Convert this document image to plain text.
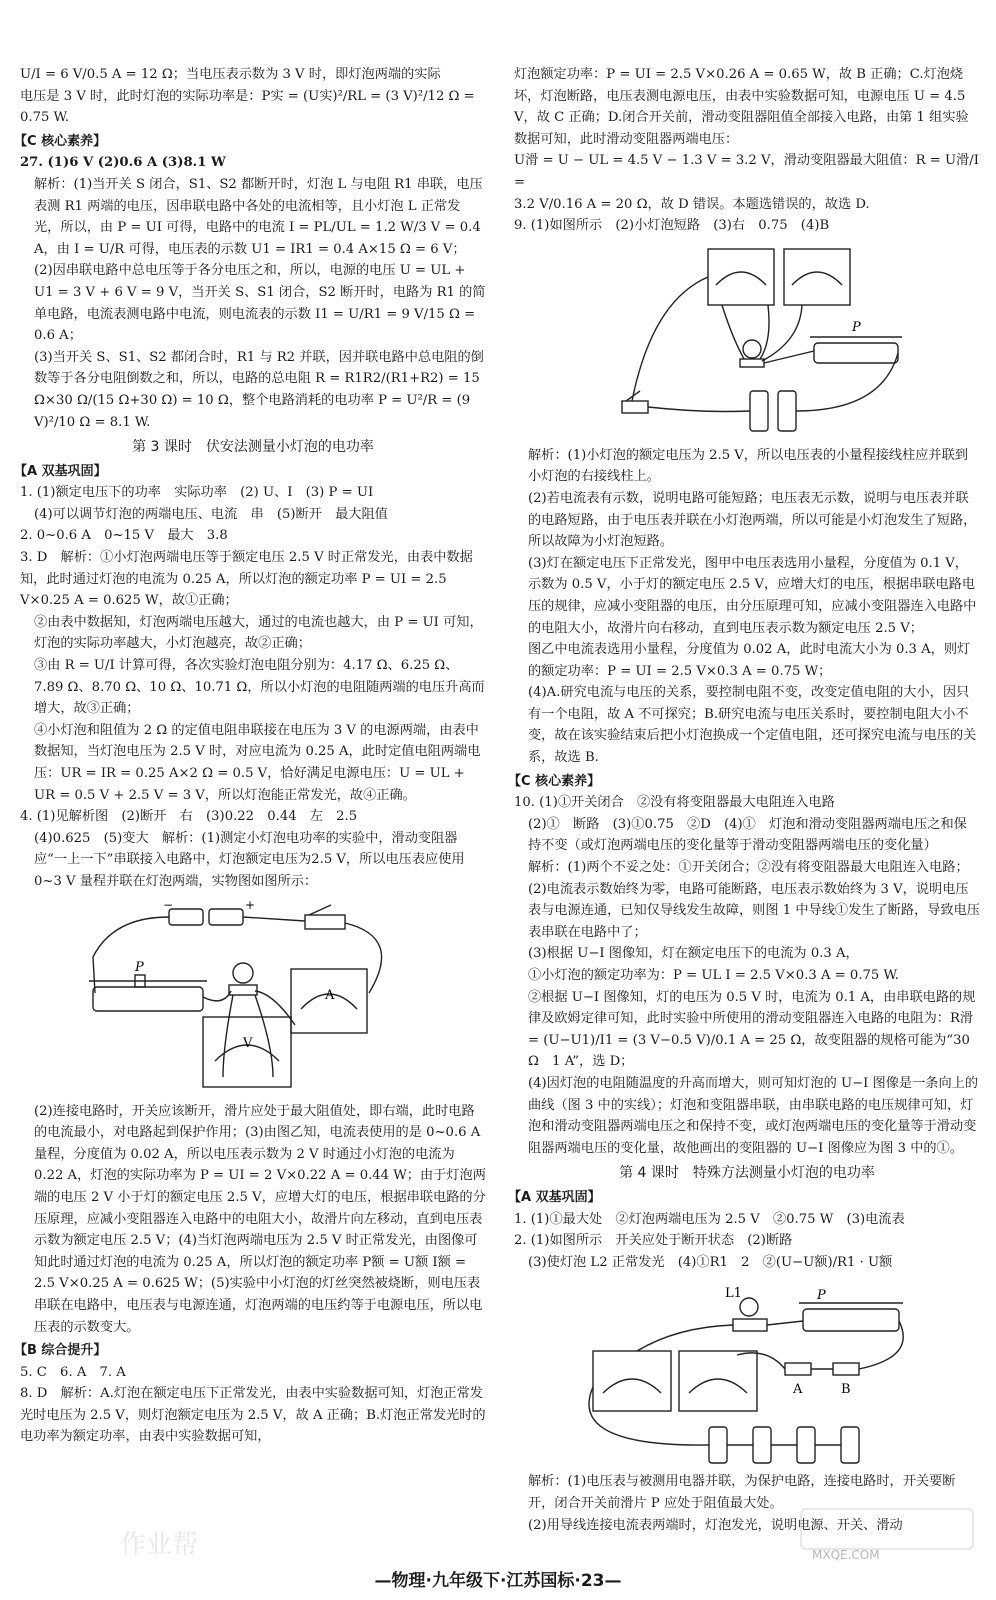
U/I = 6 V/0.5 A = 12 Ω；当电压表示数为 3 V 时，即灯泡两端的实际

电压是 3 V 时，此时灯泡的实际功率是：P实 = (U实)²/RL = (3 V)²/12 Ω =

0.75 W.

【C 核心素养】

27. (1)6 V (2)0.6 A (3)8.1 W

解析：(1)当开关 S 闭合，S1、S2 都断开时，灯泡 L 与电阻 R1 串联，电压表测 R1 两端的电压，因串联电路中各处的电流相等，且小灯泡 L 正常发光，所以，由 P = UI 可得，电路中的电流 I = PL/UL = 1.2 W/3 V = 0.4 A，由 I = U/R 可得，电压表的示数 U1 = IR1 = 0.4 A×15 Ω = 6 V；

(2)因串联电路中总电压等于各分电压之和，所以，电源的电压 U = UL + U1 = 3 V + 6 V = 9 V，当开关 S、S1 闭合，S2 断开时，电路为 R1 的简单电路，电流表测电路中电流，则电流表的示数 I1 = U/R1 = 9 V/15 Ω = 0.6 A；

(3)当开关 S、S1、S2 都闭合时，R1 与 R2 并联，因并联电路中总电阻的倒数等于各分电阻倒数之和，所以，电路的总电阻 R = R1R2/(R1+R2) = 15 Ω×30 Ω/(15 Ω+30 Ω) = 10 Ω，整个电路消耗的电功率 P = U²/R = (9 V)²/10 Ω = 8.1 W.

第 3 课时　伏安法测量小灯泡的电功率

【A 双基巩固】

1. (1)额定电压下的功率　实际功率　(2) U、I　(3) P = UI

(4)可以调节灯泡的两端电压、电流　串　(5)断开　最大阻值

2. 0~0.6 A　0~15 V　最大　3.8

3. D　解析：①小灯泡两端电压等于额定电压 2.5 V 时正常发光，由表中数据知，此时通过灯泡的电流为 0.25 A，所以灯泡的额定功率 P = UI = 2.5 V×0.25 A = 0.625 W，故①正确；

②由表中数据知，灯泡两端电压越大，通过的电流也越大，由 P = UI 可知，灯泡的实际功率越大，小灯泡越亮，故②正确；

③由 R = U/I 计算可得，各次实验灯泡电阻分别为：4.17 Ω、6.25 Ω、7.89 Ω、8.70 Ω、10 Ω、10.71 Ω，所以小灯泡的电阻随两端的电压升高而增大，故③正确；

④小灯泡和阻值为 2 Ω 的定值电阻串联接在电压为 3 V 的电源两端，由表中数据知，当灯泡电压为 2.5 V 时，对应电流为 0.25 A，此时定值电阻两端电压：UR = IR = 0.25 A×2 Ω = 0.5 V，恰好满足电源电压：U = UL + UR = 0.5 V + 2.5 V = 3 V，所以灯泡能正常发光，故④正确。

4. (1)见解析图　(2)断开　右　(3)0.22　0.44　左　2.5

(4)0.625　(5)变大　解析：(1)测定小灯泡电功率的实验中，滑动变阻器应“一上一下”串联接入电路中，灯泡额定电压为2.5 V，所以电压表应使用 0~3 V 量程并联在灯泡两端，实物图如图所示：

P
A
V
+
−

(2)连接电路时，开关应该断开，滑片应处于最大阻值处，即右端，此时电路的电流最小，对电路起到保护作用；(3)由图乙知，电流表使用的是 0~0.6 A 量程，分度值为 0.02 A，所以电压表示数为 2 V 时通过小灯泡的电流为 0.22 A，灯泡的实际功率为 P = UI = 2 V×0.22 A = 0.44 W；由于灯泡两端的电压 2 V 小于灯的额定电压 2.5 V，应增大灯的电压，根据串联电路的分压原理，应减小变阻器连入电路中的电阻大小，故滑片向左移动，直到电压表示数为额定电压 2.5 V；(4)当灯泡两端电压为 2.5 V 时正常发光，由图像可知此时通过灯泡的电流为 0.25 A，所以灯泡的额定功率 P额 = U额 I额 = 2.5 V×0.25 A = 0.625 W；(5)实验中小灯泡的灯丝突然被烧断，则电压表串联在电路中，电压表与电源连通，灯泡两端的电压约等于电源电压，所以电压表的示数变大。

【B 综合提升】

5. C　6. A　7. A

8. D　解析：A.灯泡在额定电压下正常发光，由表中实验数据可知，灯泡正常发光时电压为 2.5 V，则灯泡额定电压为 2.5 V，故 A 正确；B.灯泡正常发光时的电功率为额定功率，由表中实验数据可知，

灯泡额定功率：P = UI = 2.5 V×0.26 A = 0.65 W，故 B 正确；C.灯泡烧坏，灯泡断路，电压表测电源电压，由表中实验数据可知，电源电压 U = 4.5 V，故 C 正确；D.闭合开关前，滑动变阻器阻值全部接入电路，由第 1 组实验数据可知，此时滑动变阻器两端电压：

U滑 = U − UL = 4.5 V − 1.3 V = 3.2 V，滑动变阻器最大阻值：R = U滑/I =

3.2 V/0.16 A = 20 Ω，故 D 错误。本题选错误的，故选 D.

9. (1)如图所示　(2)小灯泡短路　(3)右　0.75　(4)B

P

解析：(1)小灯泡的额定电压为 2.5 V，所以电压表的小量程接线柱应并联到小灯泡的右接线柱上。

(2)若电流表有示数，说明电路可能短路；电压表无示数，说明与电压表并联的电路短路，由于电压表并联在小灯泡两端，所以可能是小灯泡发生了短路，所以故障为小灯泡短路。

(3)灯在额定电压下正常发光，图甲中电压表选用小量程，分度值为 0.1 V，示数为 0.5 V，小于灯的额定电压 2.5 V，应增大灯的电压，根据串联电路电压的规律，应减小变阻器的电压，由分压原理可知，应减小变阻器连入电路中的电阻大小，故滑片向右移动，直到电压表示数为额定电压 2.5 V；

图乙中电流表选用小量程，分度值为 0.02 A，此时电流大小为 0.3 A，则灯的额定功率：P = UI = 2.5 V×0.3 A = 0.75 W；

(4)A.研究电流与电压的关系，要控制电阻不变，改变定值电阻的大小，因只有一个电阻，故 A 不可探究；B.研究电流与电压关系时，要控制电阻大小不变，故在该实验结束后把小灯泡换成一个定值电阻，还可探究电流与电压的关系，故选 B.

【C 核心素养】

10. (1)①开关闭合　②没有将变阻器最大电阻连入电路

(2)①　断路　(3)①0.75　②D　(4)①　灯泡和滑动变阻器两端电压之和保持不变（或灯泡两端电压的变化量等于滑动变阻器两端电压的变化量）

解析：(1)两个不妥之处：①开关闭合；②没有将变阻器最大电阻连入电路；

(2)电流表示数始终为零，电路可能断路，电压表示数始终为 3 V，说明电压表与电源连通，已知仅导线发生故障，则图 1 中导线①发生了断路，导致电压表串联在电路中了；

(3)根据 U−I 图像知，灯在额定电压下的电流为 0.3 A，

①小灯泡的额定功率为：P = UL I = 2.5 V×0.3 A = 0.75 W.

②根据 U−I 图像知，灯的电压为 0.5 V 时，电流为 0.1 A，由串联电路的规律及欧姆定律可知，此时实验中所使用的滑动变阻器连入电路的电阻为：R滑 = (U−U1)/I1 = (3 V−0.5 V)/0.1 A = 25 Ω，故变阻器的规格可能为“30 Ω　1 A”，选 D；

(4)因灯泡的电阻随温度的升高而增大，则可知灯泡的 U−I 图像是一条向上的曲线（图 3 中的实线）；灯泡和变阻器串联，由串联电路的电压规律可知，灯泡和滑动变阻器两端电压之和保持不变，或灯泡两端电压的变化量等于滑动变阻器两端电压的变化量，故他画出的变阻器的 U−I 图像应为图 3 中的①。

第 4 课时　特殊方法测量小灯泡的电功率

【A 双基巩固】

1. (1)①最大处　②灯泡两端电压为 2.5 V　②0.75 W　(3)电流表

2. (1)如图所示　开关应处于断开状态　(2)断路

(3)使灯泡 L2 正常发光　(4)①R1　2　②(U−U额)/R1 · U额

L1	P
A	B

解析：(1)电压表与被测用电器并联，为保护电路，连接电路时，开关要断开，闭合开关前滑片 P 应处于阻值最大处。

(2)用导线连接电流表两端时，灯泡发光，说明电源、开关、滑动

—物理·九年级下·江苏国标·23—
作业帮	MXQE.COM
